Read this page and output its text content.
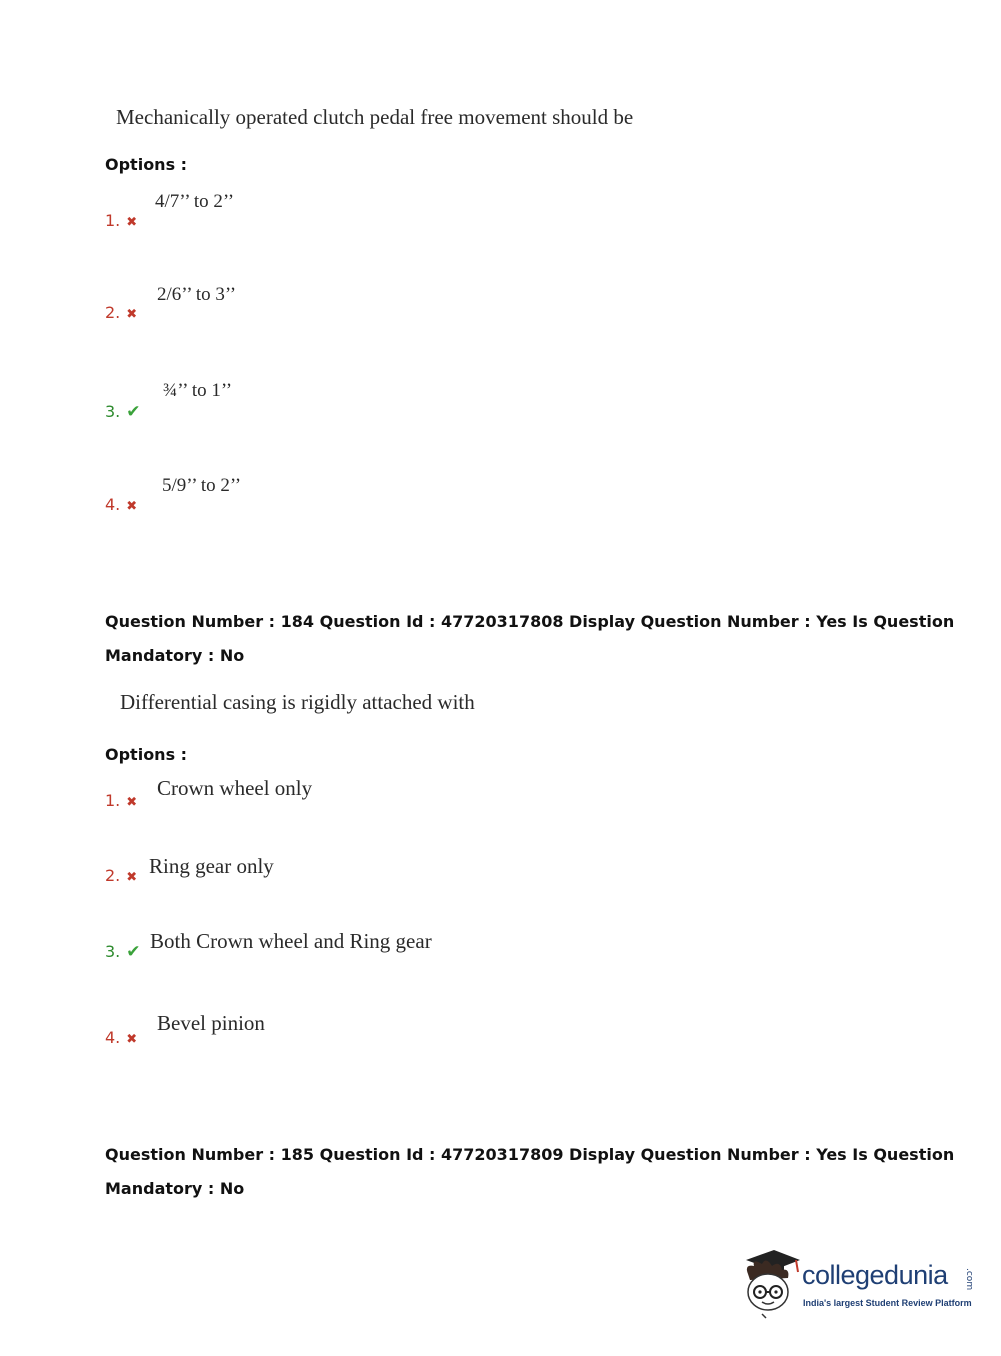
Mechanically operated clutch pedal free movement should be
Options :
1. ✖
4/7’’ to 2’’
2. ✖
2/6’’ to 3’’
3. ✔
¾’’ to 1’’
4. ✖
5/9’’ to 2’’
Question Number : 184 Question Id : 47720317808 Display Question Number : Yes Is Question
Mandatory : No
Differential casing is rigidly attached with
Options :
1. ✖
Crown wheel only
2. ✖ Ring gear only
3. ✔ Both Crown wheel and Ring gear
4. ✖
Bevel pinion
Question Number : 185 Question Id : 47720317809 Display Question Number : Yes Is Question
Mandatory : No
collegedunia .com
India's largest Student Review Platform
